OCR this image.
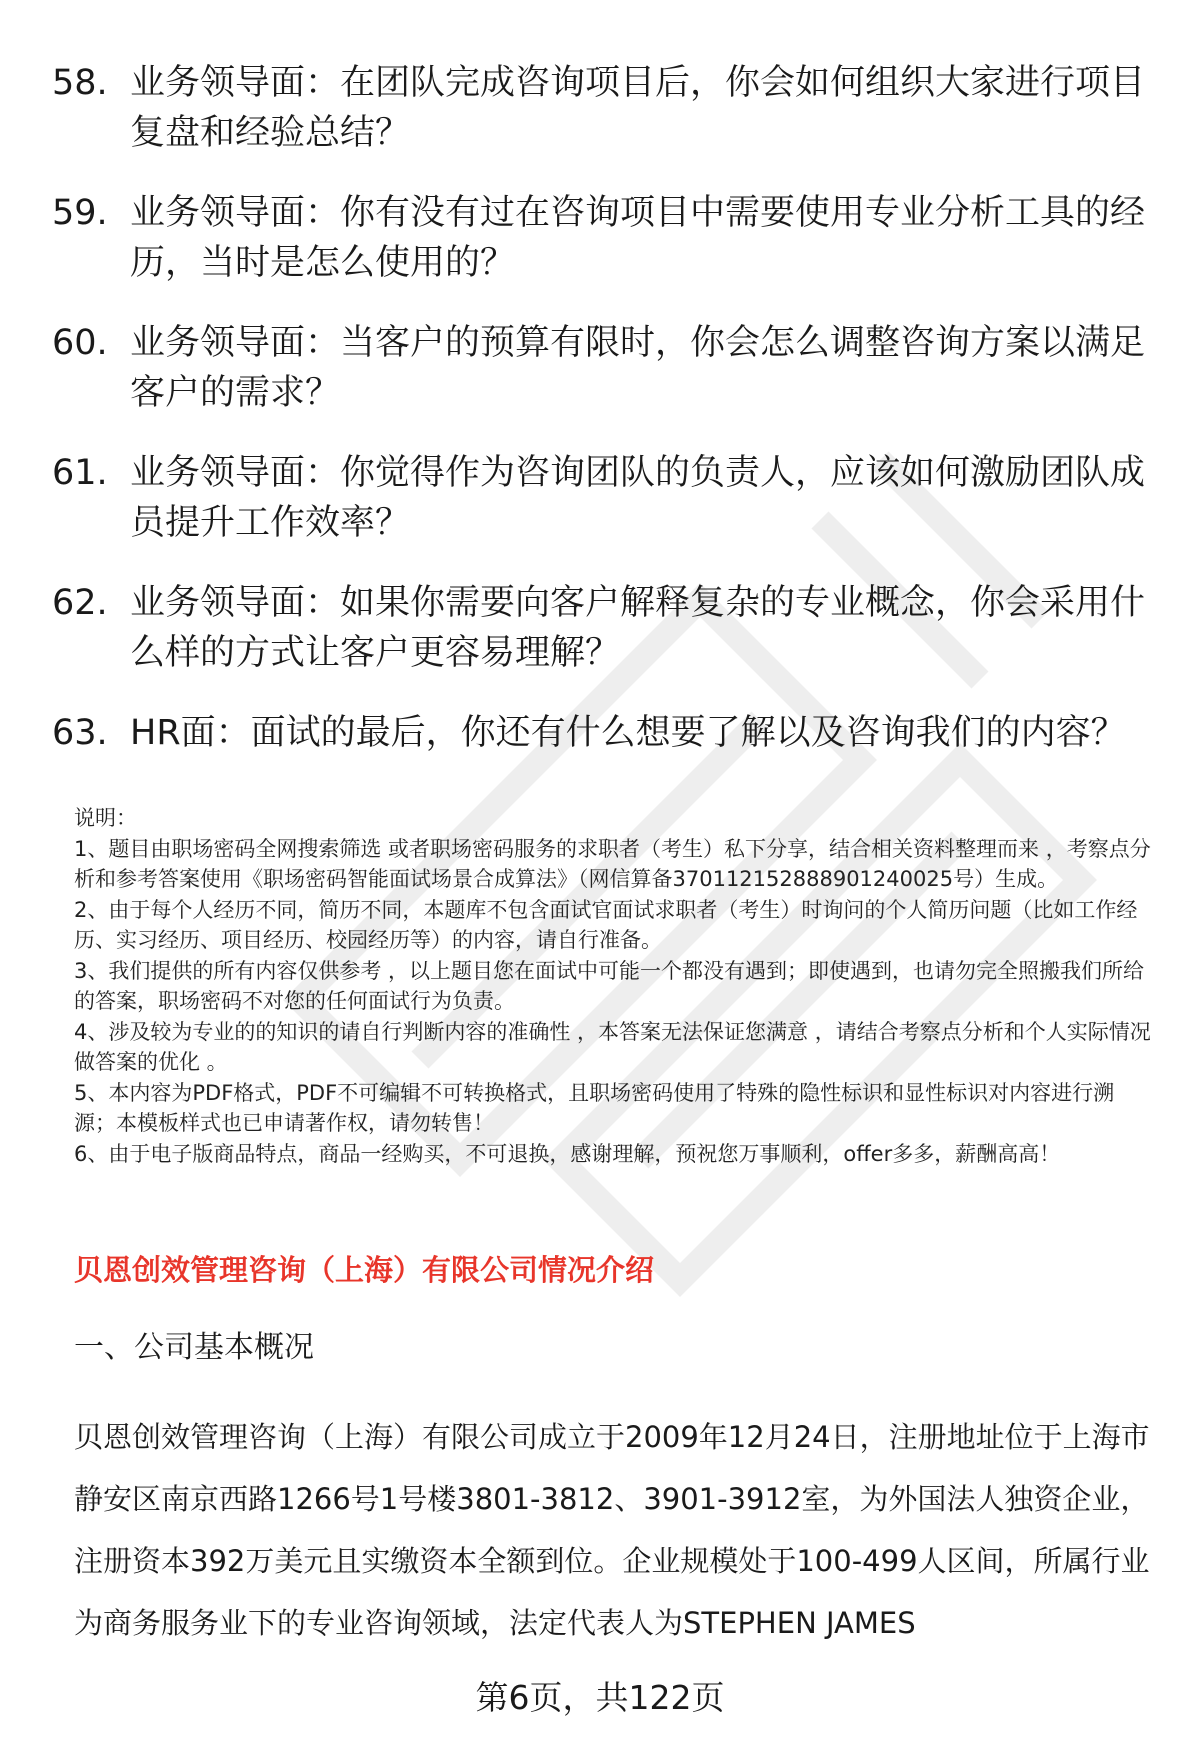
58. 业务领导面：在团队完成咨询项目后，你会如何组织大家进行项目复盘和经验总结？
59. 业务领导面：你有没有过在咨询项目中需要使用专业分析工具的经历，当时是怎么使用的？
60. 业务领导面：当客户的预算有限时，你会怎么调整咨询方案以满足客户的需求？
61. 业务领导面：你觉得作为咨询团队的负责人，应该如何激励团队成员提升工作效率？
62. 业务领导面：如果你需要向客户解释复杂的专业概念，你会采用什么样的方式让客户更容易理解？
63. HR面：面试的最后，你还有什么想要了解以及咨询我们的内容？

说明：

1、题目由职场密码全网搜索筛选 或者职场密码服务的求职者（考生）私下分享，结合相关资料整理而来 ，考察点分析和参考答案使用《职场密码智能面试场景合成算法》（网信算备370112152888901240025号）生成。

2、由于每个人经历不同，简历不同，本题库不包含面试官面试求职者（考生）时询问的个人简历问题（比如工作经历、实习经历、项目经历、校园经历等）的内容，请自行准备。

3、我们提供的所有内容仅供参考 ，以上题目您在面试中可能一个都没有遇到；即使遇到，也请勿完全照搬我们所给的答案，职场密码不对您的任何面试行为负责。

4、涉及较为专业的的知识的请自行判断内容的准确性 ，本答案无法保证您满意 ，请结合考察点分析和个人实际情况做答案的优化 。

5、本内容为PDF格式，PDF不可编辑不可转换格式，且职场密码使用了特殊的隐性标识和显性标识对内容进行溯源；本模板样式也已申请著作权，请勿转售！

6、由于电子版商品特点，商品一经购买，不可退换，感谢理解，预祝您万事顺利，offer多多，薪酬高高！

贝恩创效管理咨询（上海）有限公司情况介绍
一、公司基本概况

贝恩创效管理咨询（上海）有限公司成立于2009年12月24日，注册地址位于上海市静安区南京西路1266号1号楼3801-3812、3901-3912室，为外国法人独资企业，注册资本392万美元且实缴资本全额到位。企业规模处于100-499人区间，所属行业为商务服务业下的专业咨询领域，法定代表人为STEPHEN JAMES

第6页，共122页
